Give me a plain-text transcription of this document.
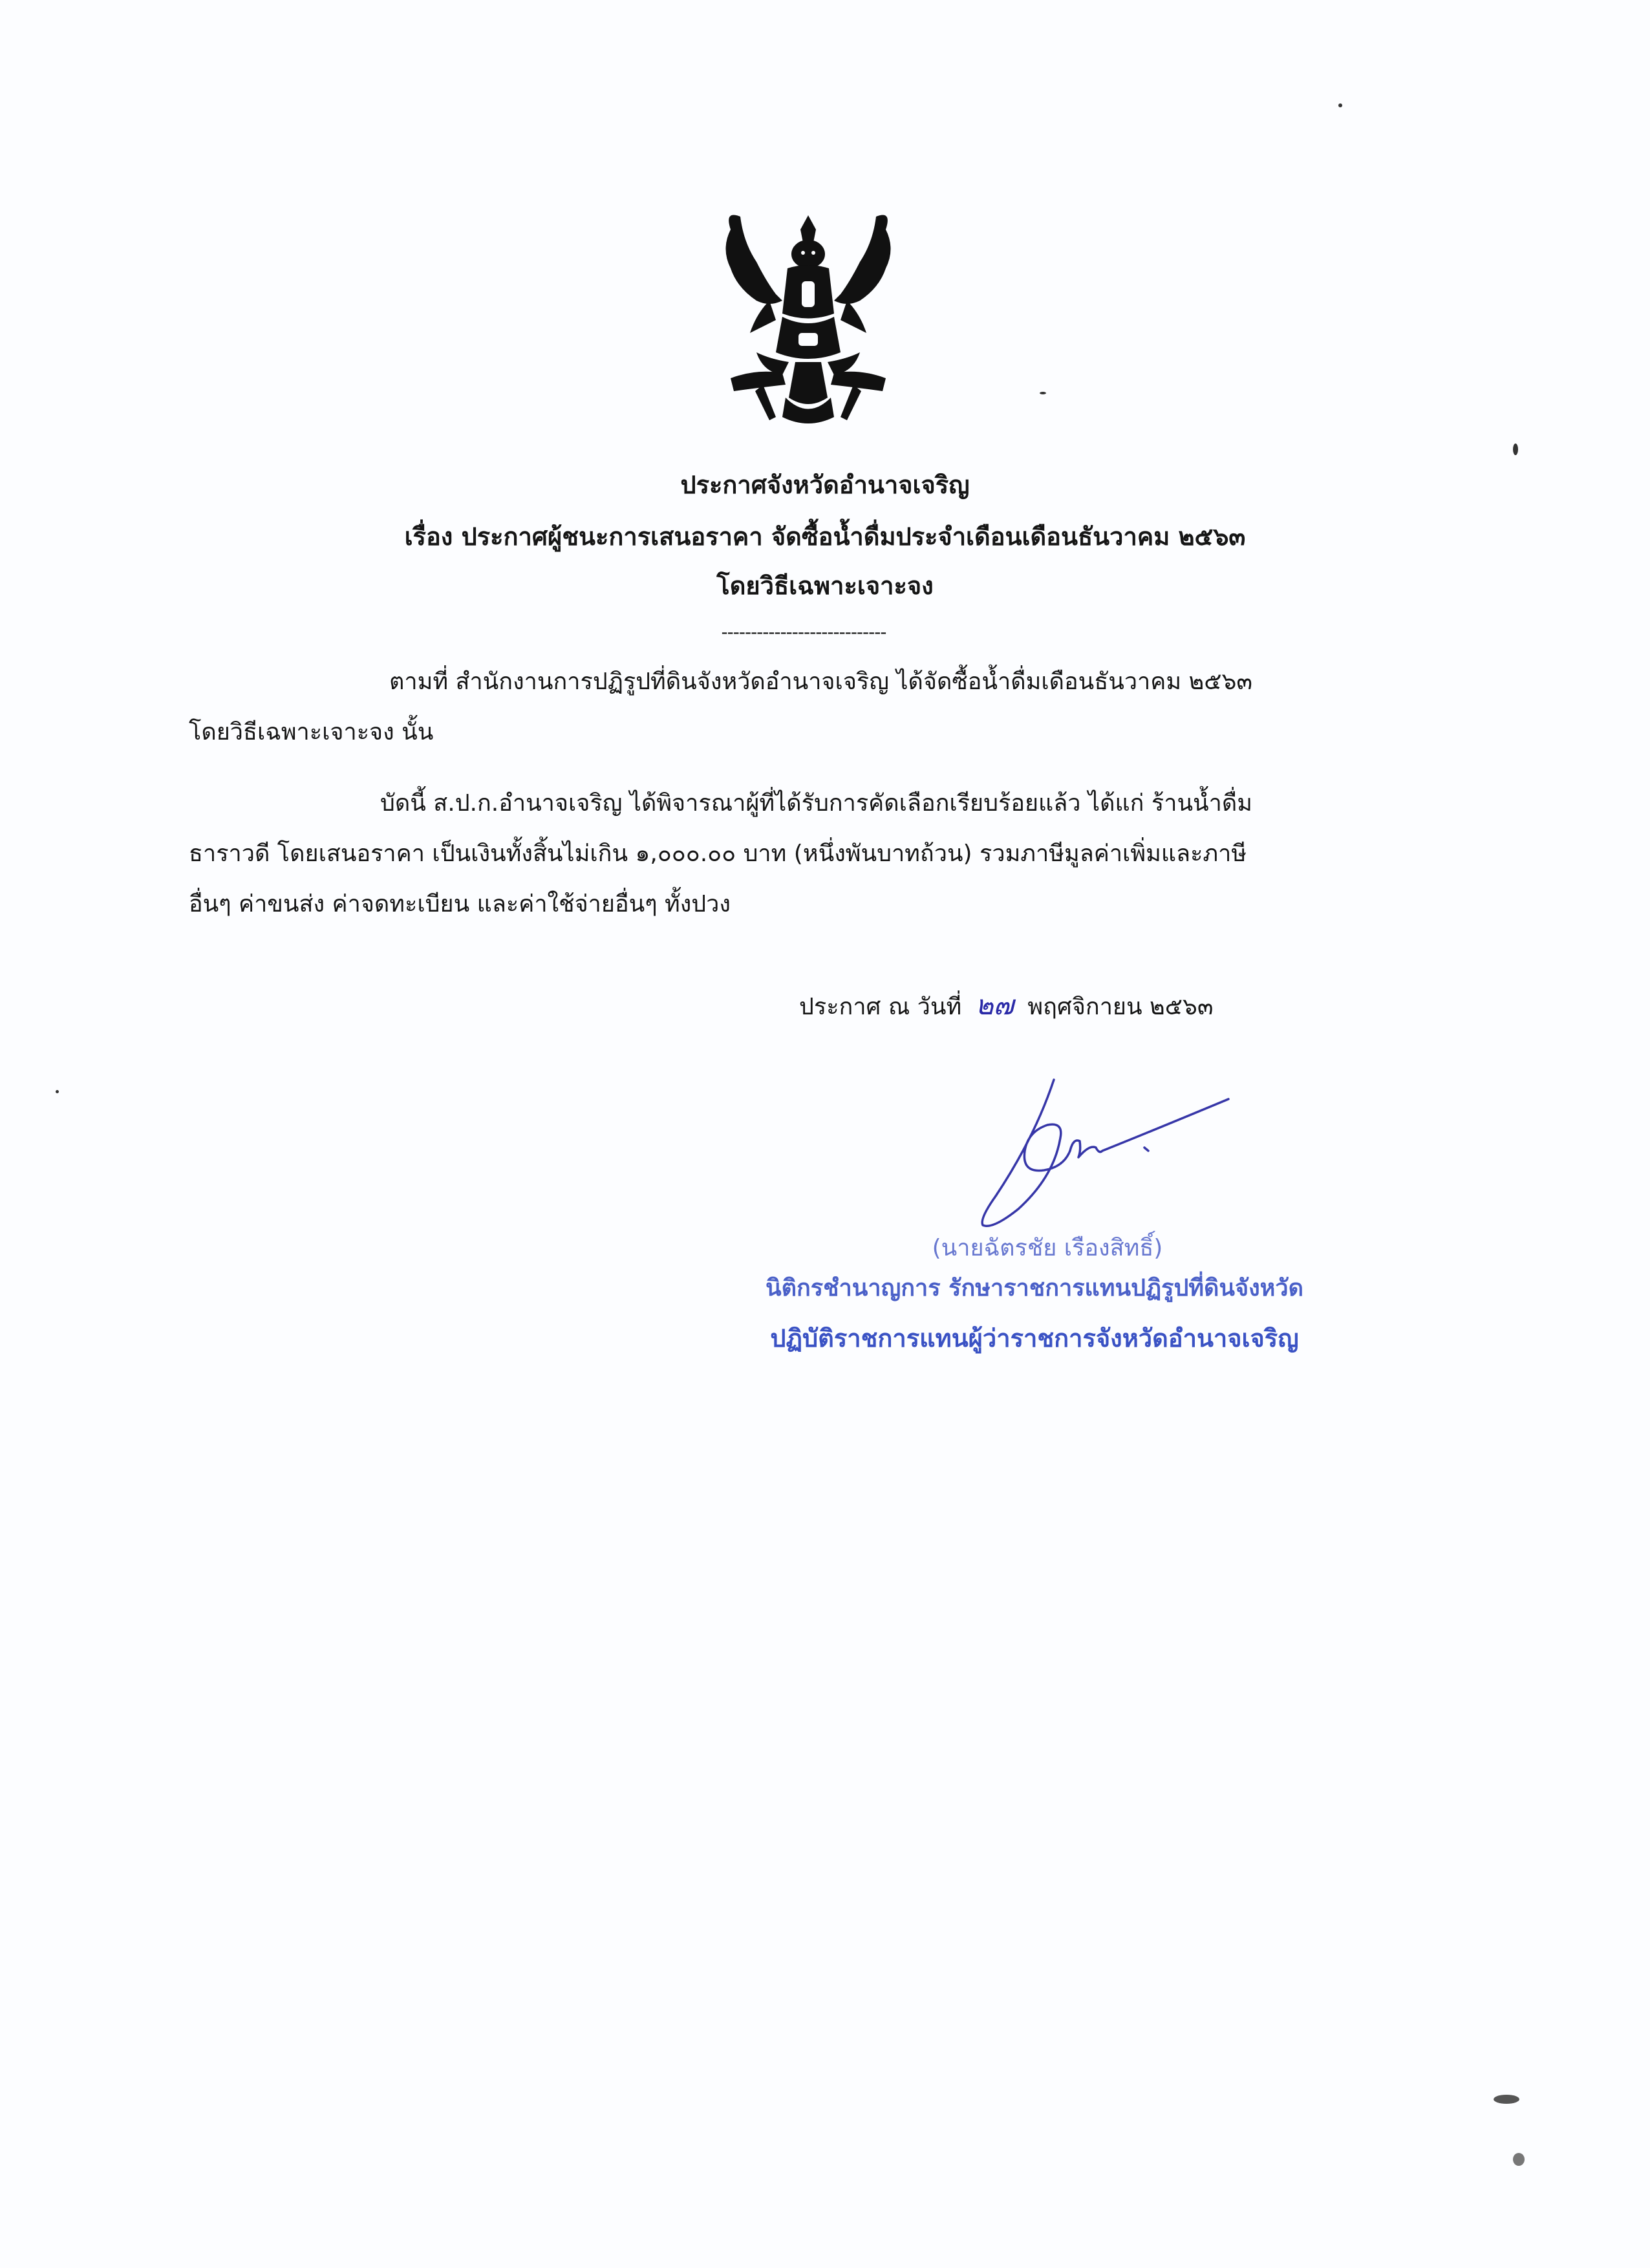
ประกาศจังหวัดอำนาจเจริญ
เรื่อง ประกาศผู้ชนะการเสนอราคา จัดซื้อน้ำดื่มประจำเดือนเดือนธันวาคม ๒๕๖๓
โดยวิธีเฉพาะเจาะจง
----------------------------
ตามที่ สำนักงานการปฏิรูปที่ดินจังหวัดอำนาจเจริญ ได้จัดซื้อน้ำดื่มเดือนธันวาคม ๒๕๖๓
โดยวิธีเฉพาะเจาะจง นั้น
บัดนี้ ส.ป.ก.อำนาจเจริญ ได้พิจารณาผู้ที่ได้รับการคัดเลือกเรียบร้อยแล้ว ได้แก่ ร้านน้ำดื่ม
ธาราวดี โดยเสนอราคา เป็นเงินทั้งสิ้นไม่เกิน ๑,๐๐๐.๐๐ บาท (หนึ่งพันบาทถ้วน) รวมภาษีมูลค่าเพิ่มและภาษี
อื่นๆ ค่าขนส่ง ค่าจดทะเบียน และค่าใช้จ่ายอื่นๆ ทั้งปวง
ประกาศ ณ วันที่ ๒๗ พฤศจิกายน ๒๕๖๓
(นายฉัตรชัย เรืองสิทธิ์)
นิติกรชำนาญการ รักษาราชการแทนปฏิรูปที่ดินจังหวัด
ปฏิบัติราชการแทนผู้ว่าราชการจังหวัดอำนาจเจริญ
